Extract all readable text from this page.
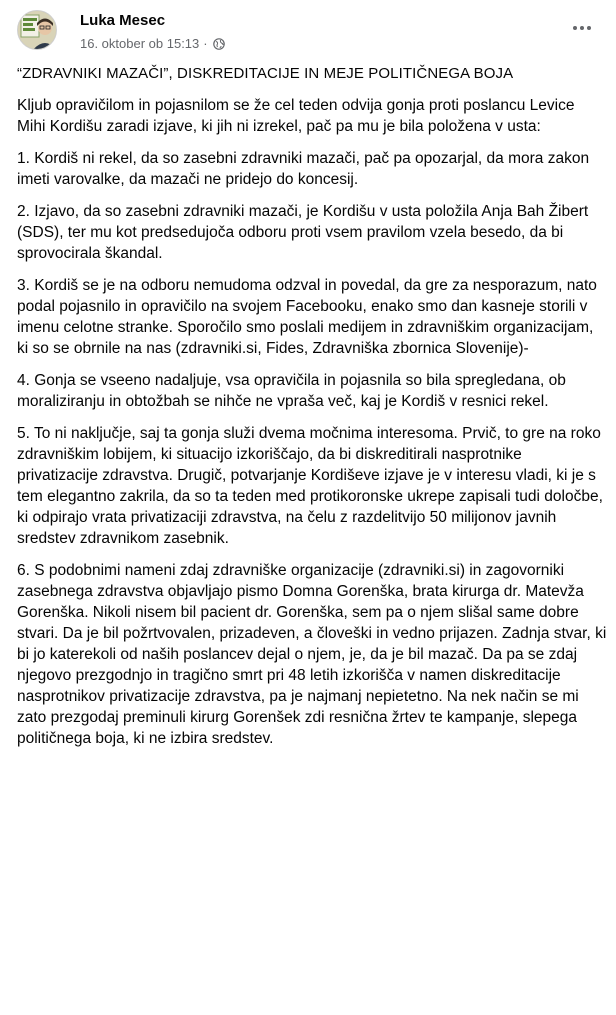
Luka Mesec
16. oktober ob 15:13 ·

“ZDRAVNIKI MAZAČI”, DISKREDITACIJE IN MEJE POLITIČNEGA BOJA

Kljub opravičilom in pojasnilom se že cel teden odvija gonja proti poslancu Levice Mihi Kordišu zaradi izjave, ki jih ni izrekel, pač pa mu je bila položena v usta:

1. Kordiš ni rekel, da so zasebni zdravniki mazači, pač pa opozarjal, da mora zakon imeti varovalke, da mazači ne pridejo do koncesij.

2. Izjavo, da so zasebni zdravniki mazači, je Kordišu v usta položila Anja Bah Žibert (SDS), ter mu kot predsedujoča odboru proti vsem pravilom vzela besedo, da bi sprovocirala škandal.

3. Kordiš se je na odboru nemudoma odzval in povedal, da gre za nesporazum, nato podal pojasnilo in opravičilo na svojem Facebooku, enako smo dan kasneje storili v imenu celotne stranke. Sporočilo smo poslali medijem in zdravniškim organizacijam, ki so se obrnile na nas (zdravniki.si, Fides, Zdravniška zbornica Slovenije)-

4. Gonja se vseeno nadaljuje, vsa opravičila in pojasnila so bila spregledana, ob moraliziranju in obtožbah se nihče ne vpraša več, kaj je Kordiš v resnici rekel.

5. To ni naključje, saj ta gonja služi dvema močnima interesoma. Prvič, to gre na roko zdravniškim lobijem, ki situacijo izkoriščajo, da bi diskreditirali nasprotnike privatizacije zdravstva. Drugič, potvarjanje Kordiševe izjave je v interesu vladi, ki je s tem elegantno zakrila, da so ta teden med protikoronske ukrepe zapisali tudi določbe, ki odpirajo vrata privatizaciji zdravstva, na čelu z razdelitvijo 50 milijonov javnih sredstev zdravnikom zasebnik.

6. S podobnimi nameni zdaj zdravniške organizacije (zdravniki.si) in zagovorniki zasebnega zdravstva objavljajo pismo Domna Gorenška, brata kirurga dr. Matevža Gorenška. Nikoli nisem bil pacient dr. Gorenška, sem pa o njem slišal same dobre stvari. Da je bil požrtvovalen, prizadeven, a človeški in vedno prijazen. Zadnja stvar, ki bi jo katerekoli od naših poslancev dejal o njem, je, da je bil mazač. Da pa se zdaj njegovo prezgodnjo in tragično smrt pri 48 letih izkorišča v namen diskreditacije nasprotnikov privatizacije zdravstva, pa je najmanj nepietetno. Na nek način se mi zato prezgodaj preminuli kirurg Gorenšek zdi resnična žrtev te kampanje, slepega političnega boja, ki ne izbira sredstev.
